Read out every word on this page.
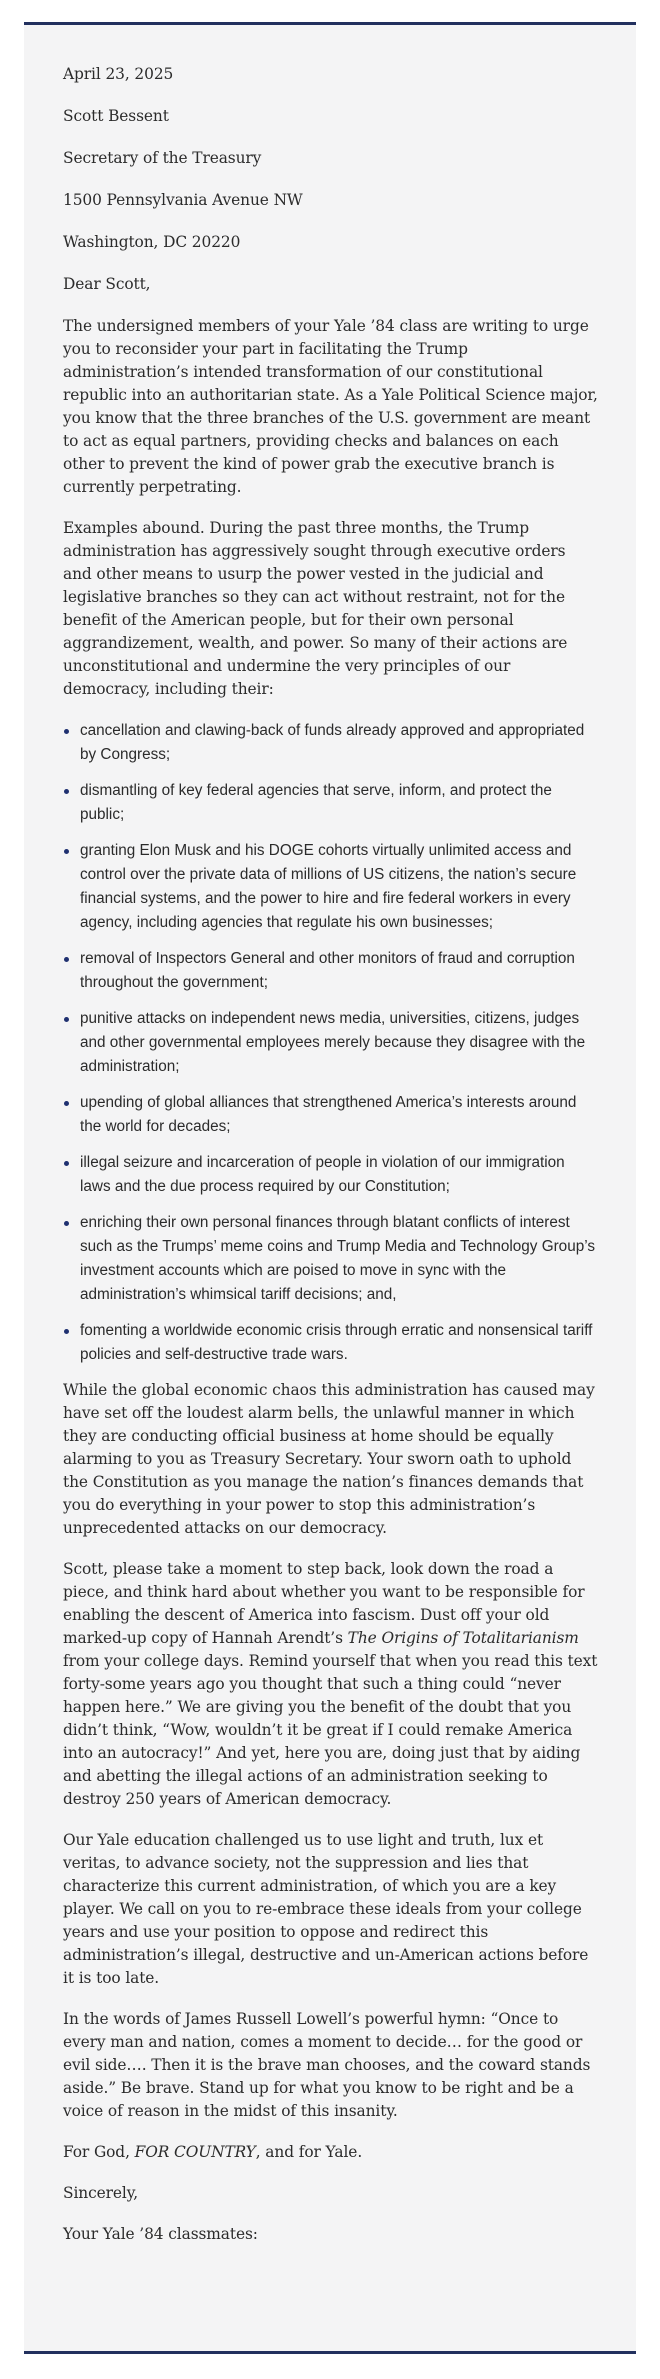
April 23, 2025

Scott Bessent

Secretary of the Treasury

1500 Pennsylvania Avenue NW

Washington, DC 20220

Dear Scott,

The undersigned members of your Yale ’84 class are writing to urge you to reconsider your part in facilitating the Trump administration’s intended transformation of our constitutional republic into an authoritarian state. As a Yale Political Science major, you know that the three branches of the U.S. government are meant to act as equal partners, providing checks and balances on each other to prevent the kind of power grab the executive branch is currently perpetrating.

Examples abound. During the past three months, the Trump administration has aggressively sought through executive orders and other means to usurp the power vested in the judicial and legislative branches so they can act without restraint, not for the benefit of the American people, but for their own personal aggrandizement, wealth, and power. So many of their actions are unconstitutional and undermine the very principles of our democracy, including their:

cancellation and clawing-back of funds already approved and appropriated by Congress;
dismantling of key federal agencies that serve, inform, and protect the public;
granting Elon Musk and his DOGE cohorts virtually unlimited access and control over the private data of millions of US citizens, the nation’s secure financial systems, and the power to hire and fire federal workers in every agency, including agencies that regulate his own businesses;
removal of Inspectors General and other monitors of fraud and corruption throughout the government;
punitive attacks on independent news media, universities, citizens, judges and other governmental employees merely because they disagree with the administration;
upending of global alliances that strengthened America’s interests around the world for decades;
illegal seizure and incarceration of people in violation of our immigration laws and the due process required by our Constitution;
enriching their own personal finances through blatant conflicts of interest such as the Trumps’ meme coins and Trump Media and Technology Group’s investment accounts which are poised to move in sync with the administration’s whimsical tariff decisions; and,
fomenting a worldwide economic crisis through erratic and nonsensical tariff policies and self-destructive trade wars.

While the global economic chaos this administration has caused may have set off the loudest alarm bells, the unlawful manner in which they are conducting official business at home should be equally alarming to you as Treasury Secretary. Your sworn oath to uphold the Constitution as you manage the nation’s finances demands that you do everything in your power to stop this administration’s unprecedented attacks on our democracy.

Scott, please take a moment to step back, look down the road a piece, and think hard about whether you want to be responsible for enabling the descent of America into fascism. Dust off your old marked-up copy of Hannah Arendt’s The Origins of Totalitarianism from your college days. Remind yourself that when you read this text forty-some years ago you thought that such a thing could “never happen here.” We are giving you the benefit of the doubt that you didn’t think, “Wow, wouldn’t it be great if I could remake America into an autocracy!” And yet, here you are, doing just that by aiding and abetting the illegal actions of an administration seeking to destroy 250 years of American democracy.

Our Yale education challenged us to use light and truth, lux et veritas, to advance society, not the suppression and lies that characterize this current administration, of which you are a key player. We call on you to re-embrace these ideals from your college years and use your position to oppose and redirect this administration’s illegal, destructive and un-American actions before it is too late.

In the words of James Russell Lowell’s powerful hymn: “Once to every man and nation, comes a moment to decide… for the good or evil side…. Then it is the brave man chooses, and the coward stands aside.” Be brave. Stand up for what you know to be right and be a voice of reason in the midst of this insanity.

For God, FOR COUNTRY, and for Yale.

Sincerely,

Your Yale ’84 classmates:
